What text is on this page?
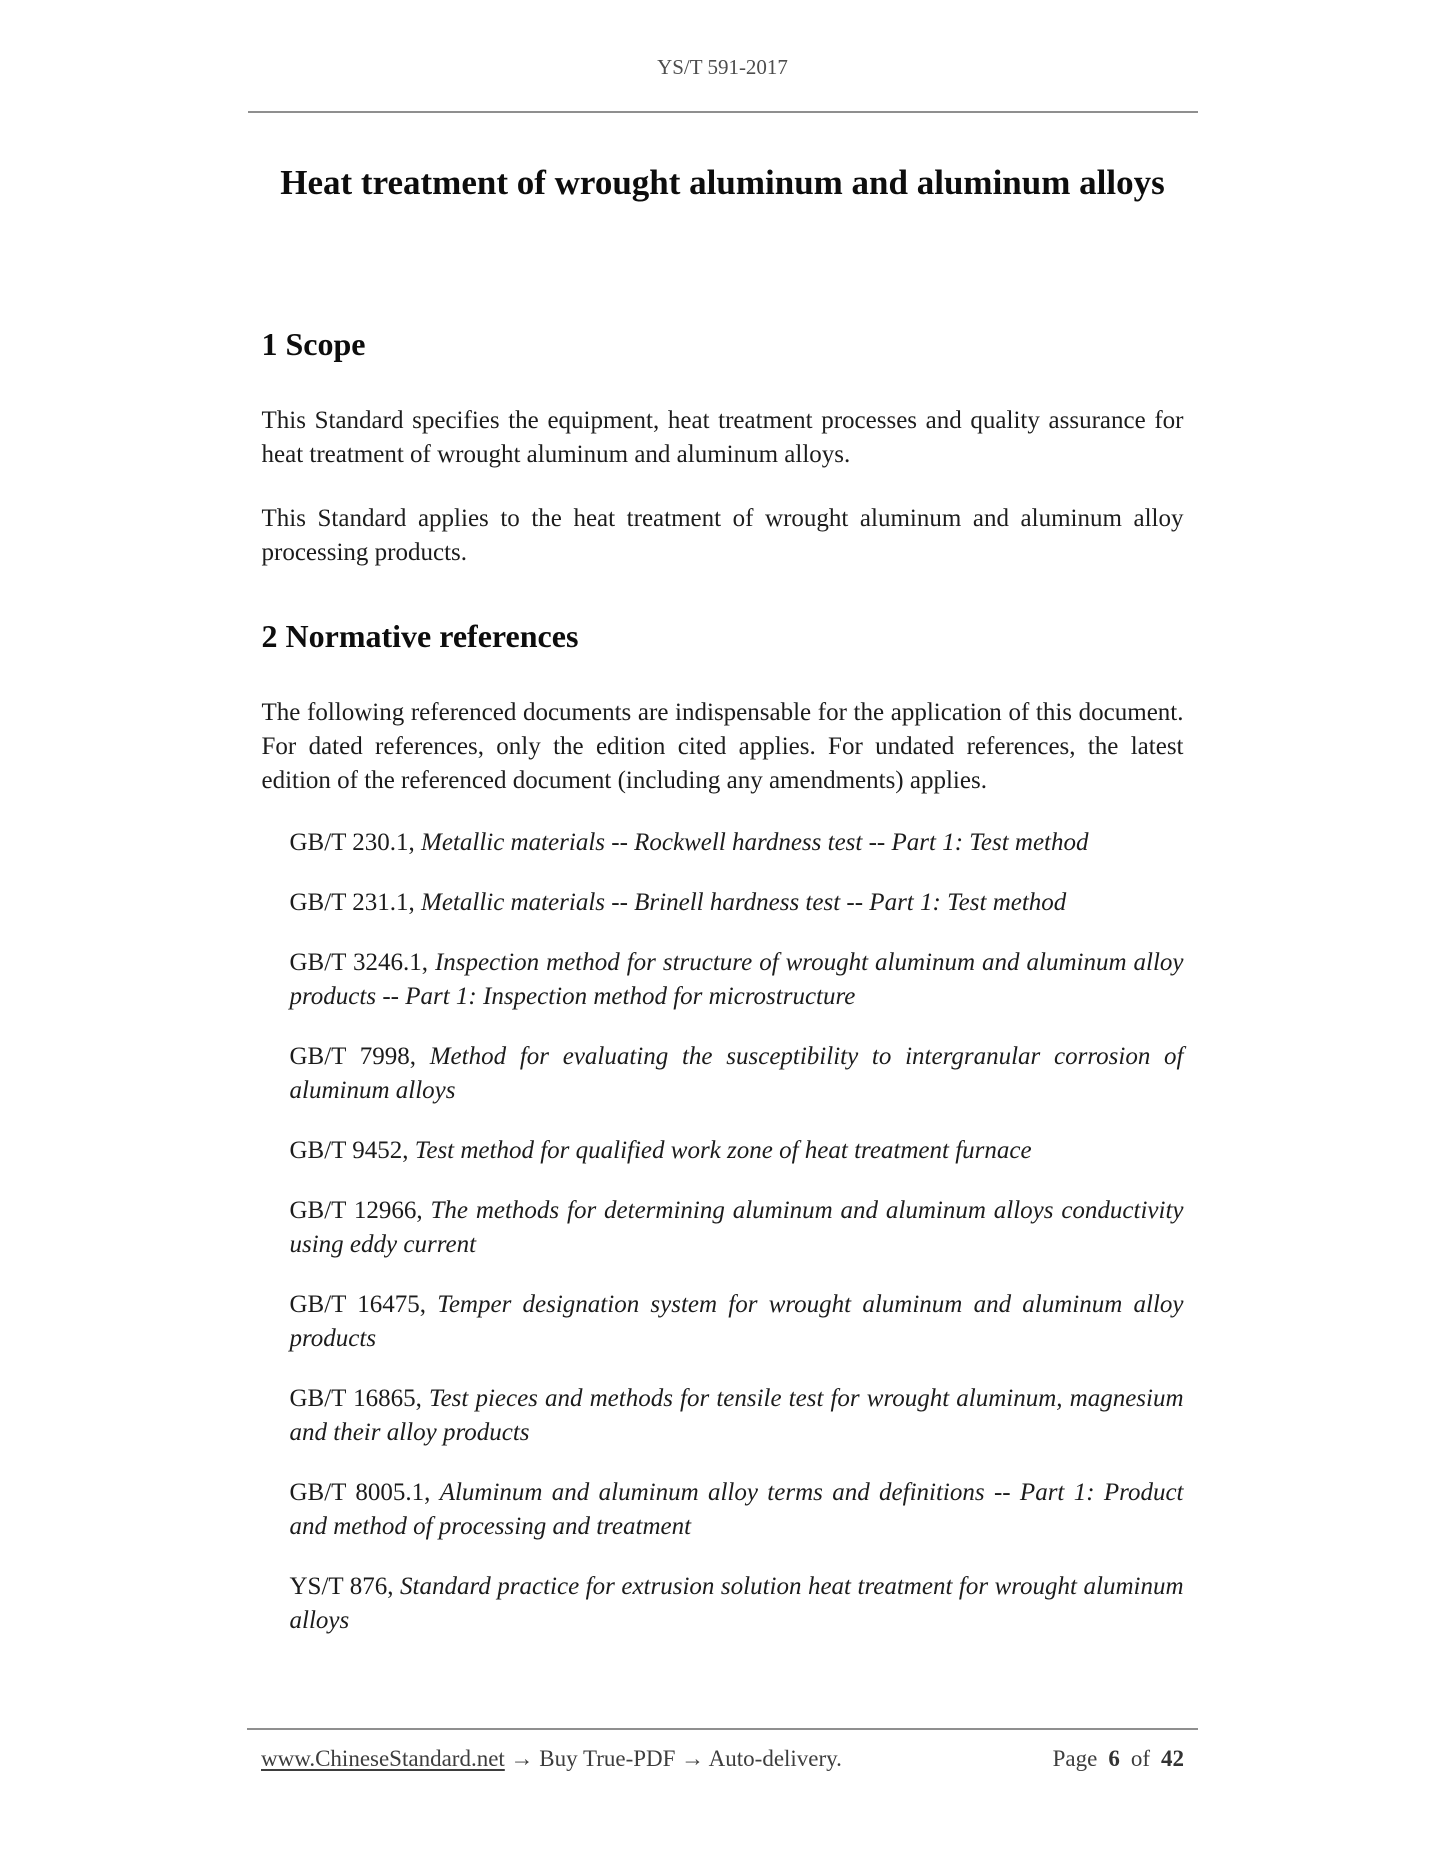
YS/T 591-2017
Heat treatment of wrought aluminum and aluminum alloys
1 Scope

This Standard specifies the equipment, heat treatment processes and quality assurance for heat treatment of wrought aluminum and aluminum alloys.

This Standard applies to the heat treatment of wrought aluminum and aluminum alloy processing products.

2 Normative references

The following referenced documents are indispensable for the application of this document. For dated references, only the edition cited applies. For undated references, the latest edition of the referenced document (including any amendments) applies.

GB/T 230.1, Metallic materials -- Rockwell hardness test -- Part 1: Test method
GB/T 231.1, Metallic materials -- Brinell hardness test -- Part 1: Test method
GB/T 3246.1, Inspection method for structure of wrought aluminum and aluminum alloy products -- Part 1: Inspection method for microstructure
GB/T 7998, Method for evaluating the susceptibility to intergranular corrosion of aluminum alloys
GB/T 9452, Test method for qualified work zone of heat treatment furnace
GB/T 12966, The methods for determining aluminum and aluminum alloys conductivity using eddy current
GB/T 16475, Temper designation system for wrought aluminum and aluminum alloy products
GB/T 16865, Test pieces and methods for tensile test for wrought aluminum, magnesium and their alloy products
GB/T 8005.1, Aluminum and aluminum alloy terms and definitions -- Part 1: Product and method of processing and treatment
YS/T 876, Standard practice for extrusion solution heat treatment for wrought aluminum alloys
www.ChineseStandard.net → Buy True-PDF → Auto-delivery.	Page 6 of 42
